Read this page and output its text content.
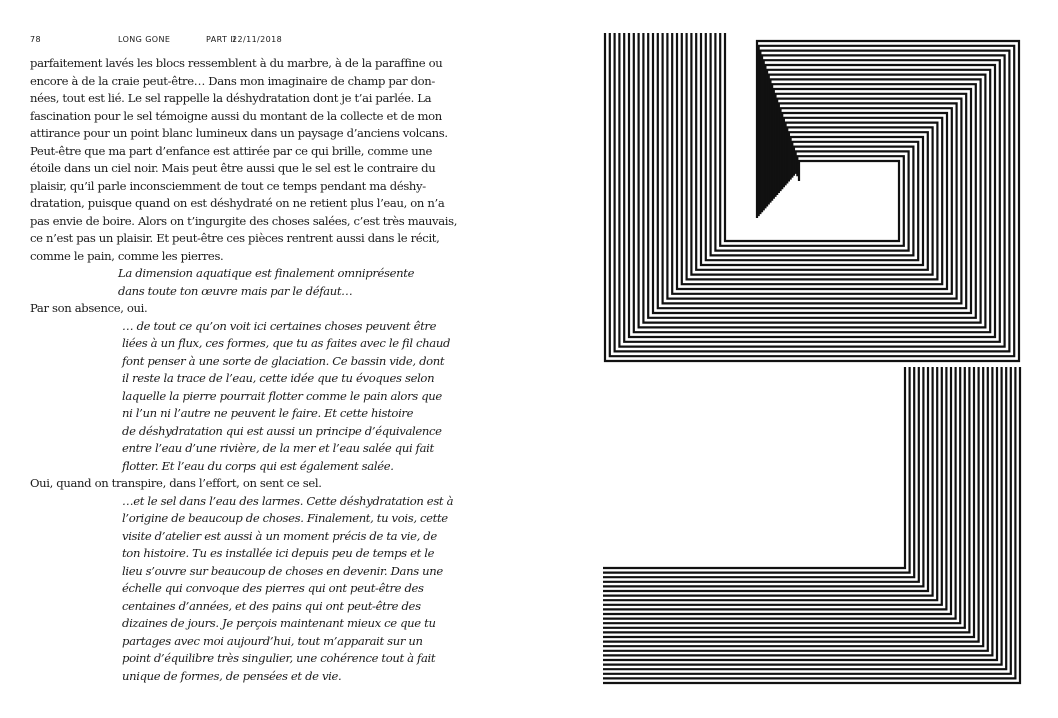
78	LONG GONE	PART II
22/11/2018
parfaitement lavés les blocs ressemblent à du marbre, à de la paraffine ou
encore à de la craie peut-être… Dans mon imaginaire de champ par don-
nées, tout est lié. Le sel rappelle la déshydratation dont je t’ai parlée. La
fascination pour le sel témoigne aussi du montant de la collecte et de mon
attirance pour un point blanc lumineux dans un paysage d’anciens volcans.
Peut-être que ma part d’enfance est attirée par ce qui brille, comme une
étoile dans un ciel noir. Mais peut être aussi que le sel est le contraire du
plaisir, qu’il parle inconsciemment de tout ce temps pendant ma déshy-
dratation, puisque quand on est déshydraté on ne retient plus l’eau, on n’a
pas envie de boire. Alors on t’ingurgite des choses salées, c’est très mauvais,
ce n’est pas un plaisir. Et peut-être ces pièces rentrent aussi dans le récit,
comme le pain, comme les pierres.
La dimension aquatique est finalement omniprésente
dans toute ton œuvre mais par le défaut…
Par son absence, oui.
… de tout ce qu’on voit ici certaines choses peuvent être
liées à un flux, ces formes, que tu as faites avec le fil chaud
font penser à une sorte de glaciation. Ce bassin vide, dont
il reste la trace de l’eau, cette idée que tu évoques selon
laquelle la pierre pourrait flotter comme le pain alors que
ni l’un ni l’autre ne peuvent le faire. Et cette histoire
de déshydratation qui est aussi un principe d’équivalence
entre l’eau d’une rivière, de la mer et l’eau salée qui fait
flotter. Et l’eau du corps qui est également salée.
Oui, quand on transpire, dans l’effort, on sent ce sel.
…et le sel dans l’eau des larmes. Cette déshydratation est à
l’origine de beaucoup de choses. Finalement, tu vois, cette
visite d’atelier est aussi à un moment précis de ta vie, de
ton histoire. Tu es installée ici depuis peu de temps et le
lieu s’ouvre sur beaucoup de choses en devenir. Dans une
échelle qui convoque des pierres qui ont peut-être des
centaines d’années, et des pains qui ont peut-être des
dizaines de jours. Je perçois maintenant mieux ce que tu
partages avec moi aujourd’hui, tout m’apparait sur un
point d’équilibre très singulier, une cohérence tout à fait
unique de formes, de pensées et de vie.
